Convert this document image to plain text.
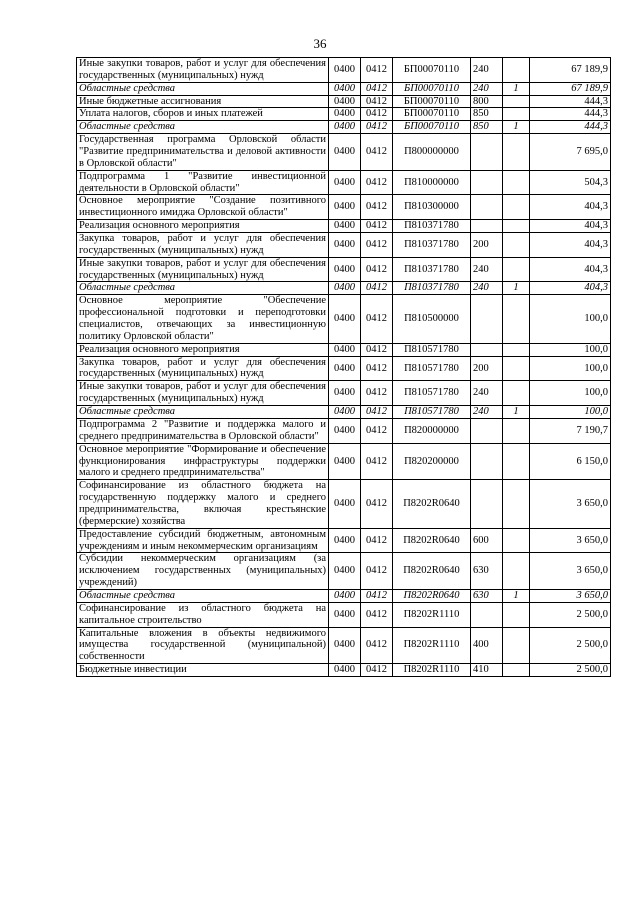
36
Иные закупки товаров, работ и услуг для обеспечения государственных (муниципальных) нужд	0400	0412	БП00070110	240		67 189,9
Областные средства	0400	0412	БП00070110	240	1	67 189,9
Иные бюджетные ассигнования	0400	0412	БП00070110	800		444,3
Уплата налогов, сборов и иных платежей	0400	0412	БП00070110	850		444,3
Областные средства	0400	0412	БП00070110	850	1	444,3
Государственная программа Орловской области "Развитие предпринимательства и деловой активности в Орловской области"	0400	0412	П800000000			7 695,0
Подпрограмма 1 "Развитие инвестиционной деятельности в Орловской области"	0400	0412	П810000000			504,3
Основное мероприятие "Создание позитивного инвестиционного имиджа Орловской области"	0400	0412	П810300000			404,3
Реализация основного мероприятия	0400	0412	П810371780			404,3
Закупка товаров, работ и услуг для обеспечения государственных (муниципальных) нужд	0400	0412	П810371780	200		404,3
Иные закупки товаров, работ и услуг для обеспечения государственных (муниципальных) нужд	0400	0412	П810371780	240		404,3
Областные средства	0400	0412	П810371780	240	1	404,3
Основное мероприятие "Обеспечение профессиональной подготовки и переподготовки специалистов, отвечающих за инвестиционную политику Орловской области"	0400	0412	П810500000			100,0
Реализация основного мероприятия	0400	0412	П810571780			100,0
Закупка товаров, работ и услуг для обеспечения государственных (муниципальных) нужд	0400	0412	П810571780	200		100,0
Иные закупки товаров, работ и услуг для обеспечения государственных (муниципальных) нужд	0400	0412	П810571780	240		100,0
Областные средства	0400	0412	П810571780	240	1	100,0
Подпрограмма 2 "Развитие и поддержка малого и среднего предпринимательства в Орловской области"	0400	0412	П820000000			7 190,7
Основное мероприятие "Формирование и обеспечение функционирования инфраструктуры поддержки малого и среднего предпринимательства"	0400	0412	П820200000			6 150,0
Софинансирование из областного бюджета на государственную поддержку малого и среднего предпринимательства, включая крестьянские (фермерские) хозяйства	0400	0412	П8202R0640			3 650,0
Предоставление субсидий бюджетным, автономным учреждениям и иным некоммерческим организациям	0400	0412	П8202R0640	600		3 650,0
Субсидии некоммерческим организациям (за исключением государственных (муниципальных) учреждений)	0400	0412	П8202R0640	630		3 650,0
Областные средства	0400	0412	П8202R0640	630	1	3 650,0
Софинансирование из областного бюджета на капитальное строительство	0400	0412	П8202R1110			2 500,0
Капитальные вложения в объекты недвижимого имущества государственной (муниципальной) собственности	0400	0412	П8202R1110	400		2 500,0
Бюджетные инвестиции	0400	0412	П8202R1110	410		2 500,0
